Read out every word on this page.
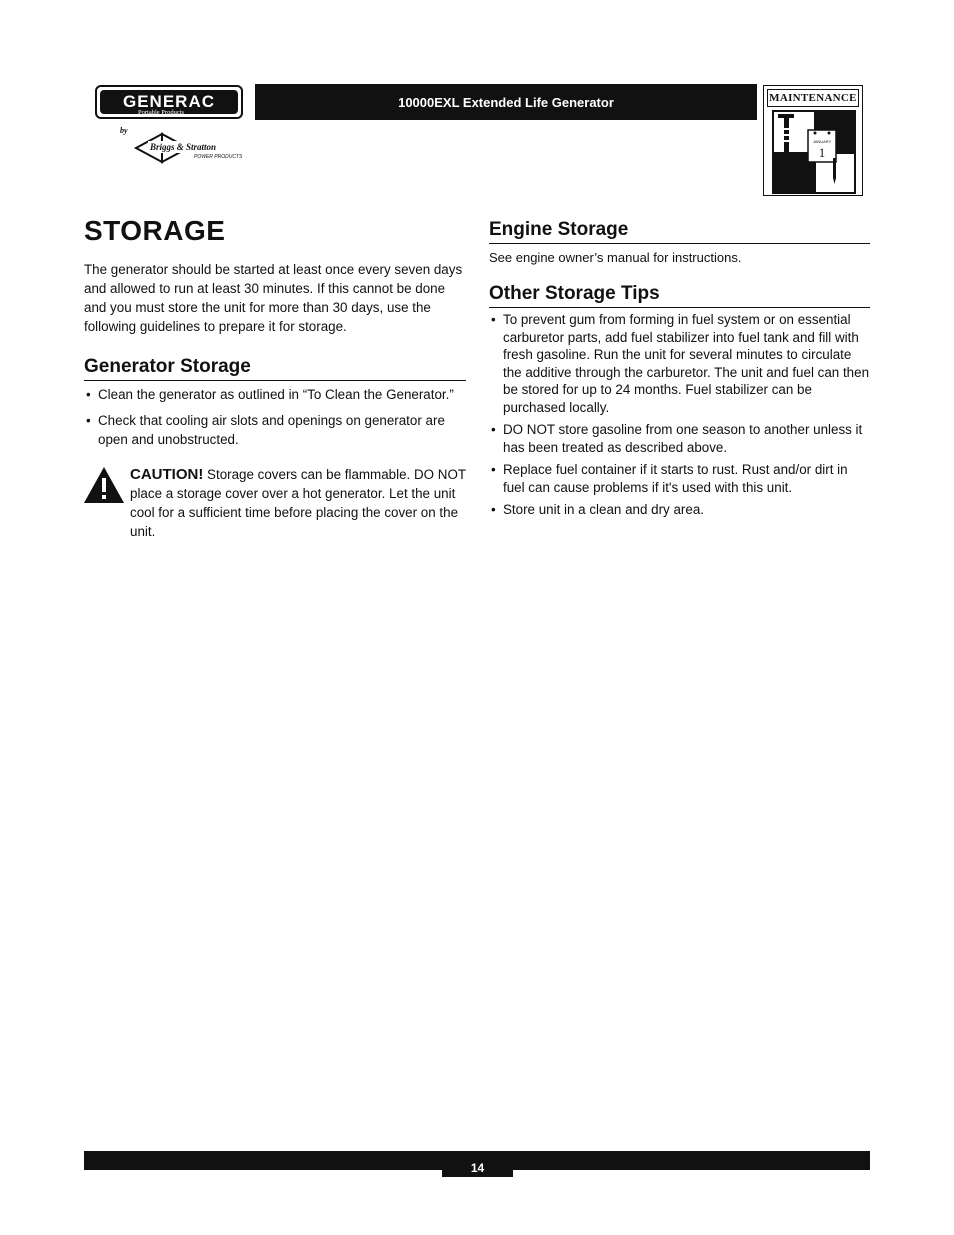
GENERAC
Portable Products
by
Briggs & Stratton
POWER PRODUCTS
10000EXL Extended Life Generator	MAINTENANCE
JANUARY
1
STORAGE

The generator should be started at least once every seven days and allowed to run at least 30 minutes. If this cannot be done and you must store the unit for more than 30 days, use the following guidelines to prepare it for storage.

Generator Storage
• Clean the generator as outlined in “To Clean the Generator.”
• Check that cooling air slots and openings on generator are open and unobstructed.

CAUTION! Storage covers can be flammable. DO NOT place a storage cover over a hot generator. Let the unit cool for a sufficient time before placing the cover on the unit.

Engine Storage

See engine owner’s manual for instructions.

Other Storage Tips
• To prevent gum from forming in fuel system or on essential carburetor parts, add fuel stabilizer into fuel tank and fill with fresh gasoline. Run the unit for several minutes to circulate the additive through the carburetor. The unit and fuel can then be stored for up to 24 months. Fuel stabilizer can be purchased locally.
• DO NOT store gasoline from one season to another unless it has been treated as described above.
• Replace fuel container if it starts to rust. Rust and/or dirt in fuel can cause problems if it's used with this unit.
• Store unit in a clean and dry area.
14
